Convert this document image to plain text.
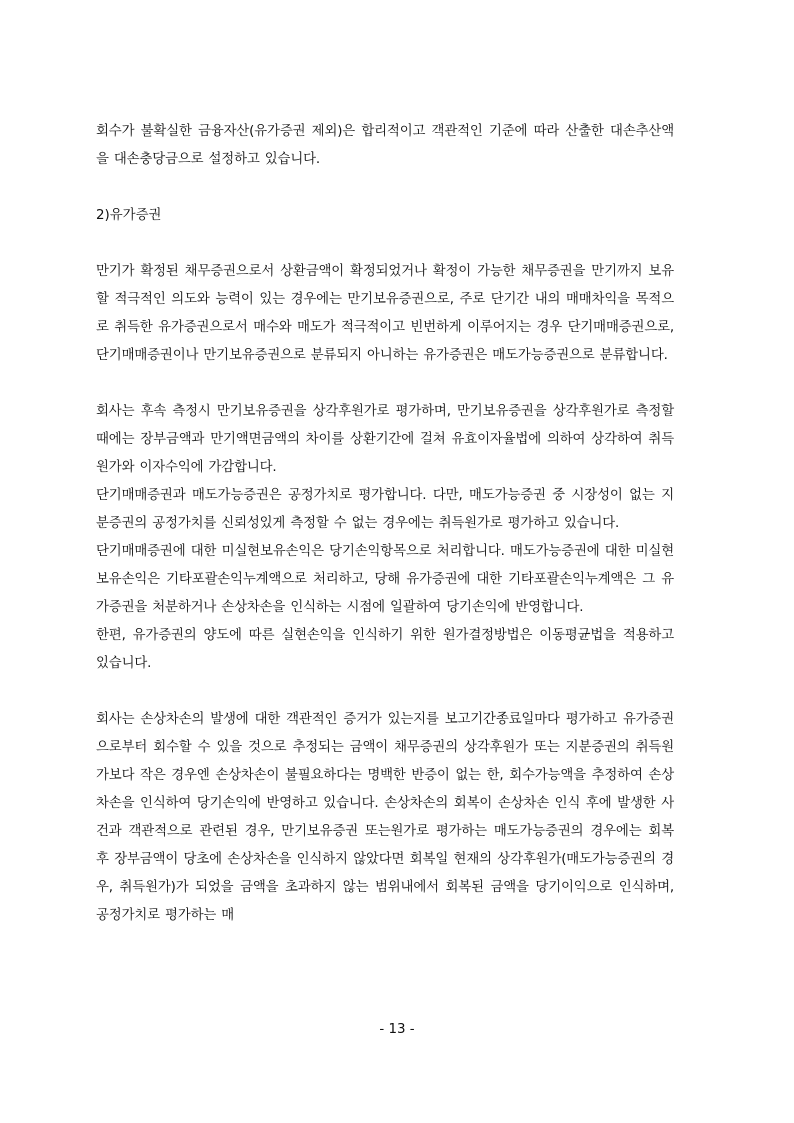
회수가 불확실한 금융자산(유가증권 제외)은 합리적이고 객관적인 기준에 따라 산출한 대손추산액을 대손충당금으로 설정하고 있습니다.

2)유가증권

만기가 확정된 채무증권으로서 상환금액이 확정되었거나 확정이 가능한 채무증권을 만기까지 보유할 적극적인 의도와 능력이 있는 경우에는 만기보유증권으로, 주로 단기간 내의 매매차익을 목적으로 취득한 유가증권으로서 매수와 매도가 적극적이고 빈번하게 이루어지는 경우 단기매매증권으로, 단기매매증권이나 만기보유증권으로 분류되지 아니하는 유가증권은 매도가능증권으로 분류합니다.

회사는 후속 측정시 만기보유증권을 상각후원가로 평가하며, 만기보유증권을 상각후원가로 측정할 때에는 장부금액과 만기액면금액의 차이를 상환기간에 걸쳐 유효이자율법에 의하여 상각하여 취득원가와 이자수익에 가감합니다.

단기매매증권과 매도가능증권은 공정가치로 평가합니다. 다만, 매도가능증권 중 시장성이 없는 지분증권의 공정가치를 신뢰성있게 측정할 수 없는 경우에는 취득원가로 평가하고 있습니다.

단기매매증권에 대한 미실현보유손익은 당기손익항목으로 처리합니다. 매도가능증권에 대한 미실현보유손익은 기타포괄손익누계액으로 처리하고, 당해 유가증권에 대한 기타포괄손익누계액은 그 유가증권을 처분하거나 손상차손을 인식하는 시점에 일괄하여 당기손익에 반영합니다.

한편, 유가증권의 양도에 따른 실현손익을 인식하기 위한 원가결정방법은 이동평균법을 적용하고 있습니다.

회사는 손상차손의 발생에 대한 객관적인 증거가 있는지를 보고기간종료일마다 평가하고 유가증권으로부터 회수할 수 있을 것으로 추정되는 금액이 채무증권의 상각후원가 또는 지분증권의 취득원가보다 작은 경우엔 손상차손이 불필요하다는 명백한 반증이 없는 한, 회수가능액을 추정하여 손상차손을 인식하여 당기손익에 반영하고 있습니다. 손상차손의 회복이 손상차손 인식 후에 발생한 사건과 객관적으로 관련된 경우, 만기보유증권 또는원가로 평가하는 매도가능증권의 경우에는 회복 후 장부금액이 당초에 손상차손을 인식하지 않았다면 회복일 현재의 상각후원가(매도가능증권의 경우, 취득원가)가 되었을 금액을 초과하지 않는 범위내에서 회복된 금액을 당기이익으로 인식하며, 공정가치로 평가하는 매

- 13 -
